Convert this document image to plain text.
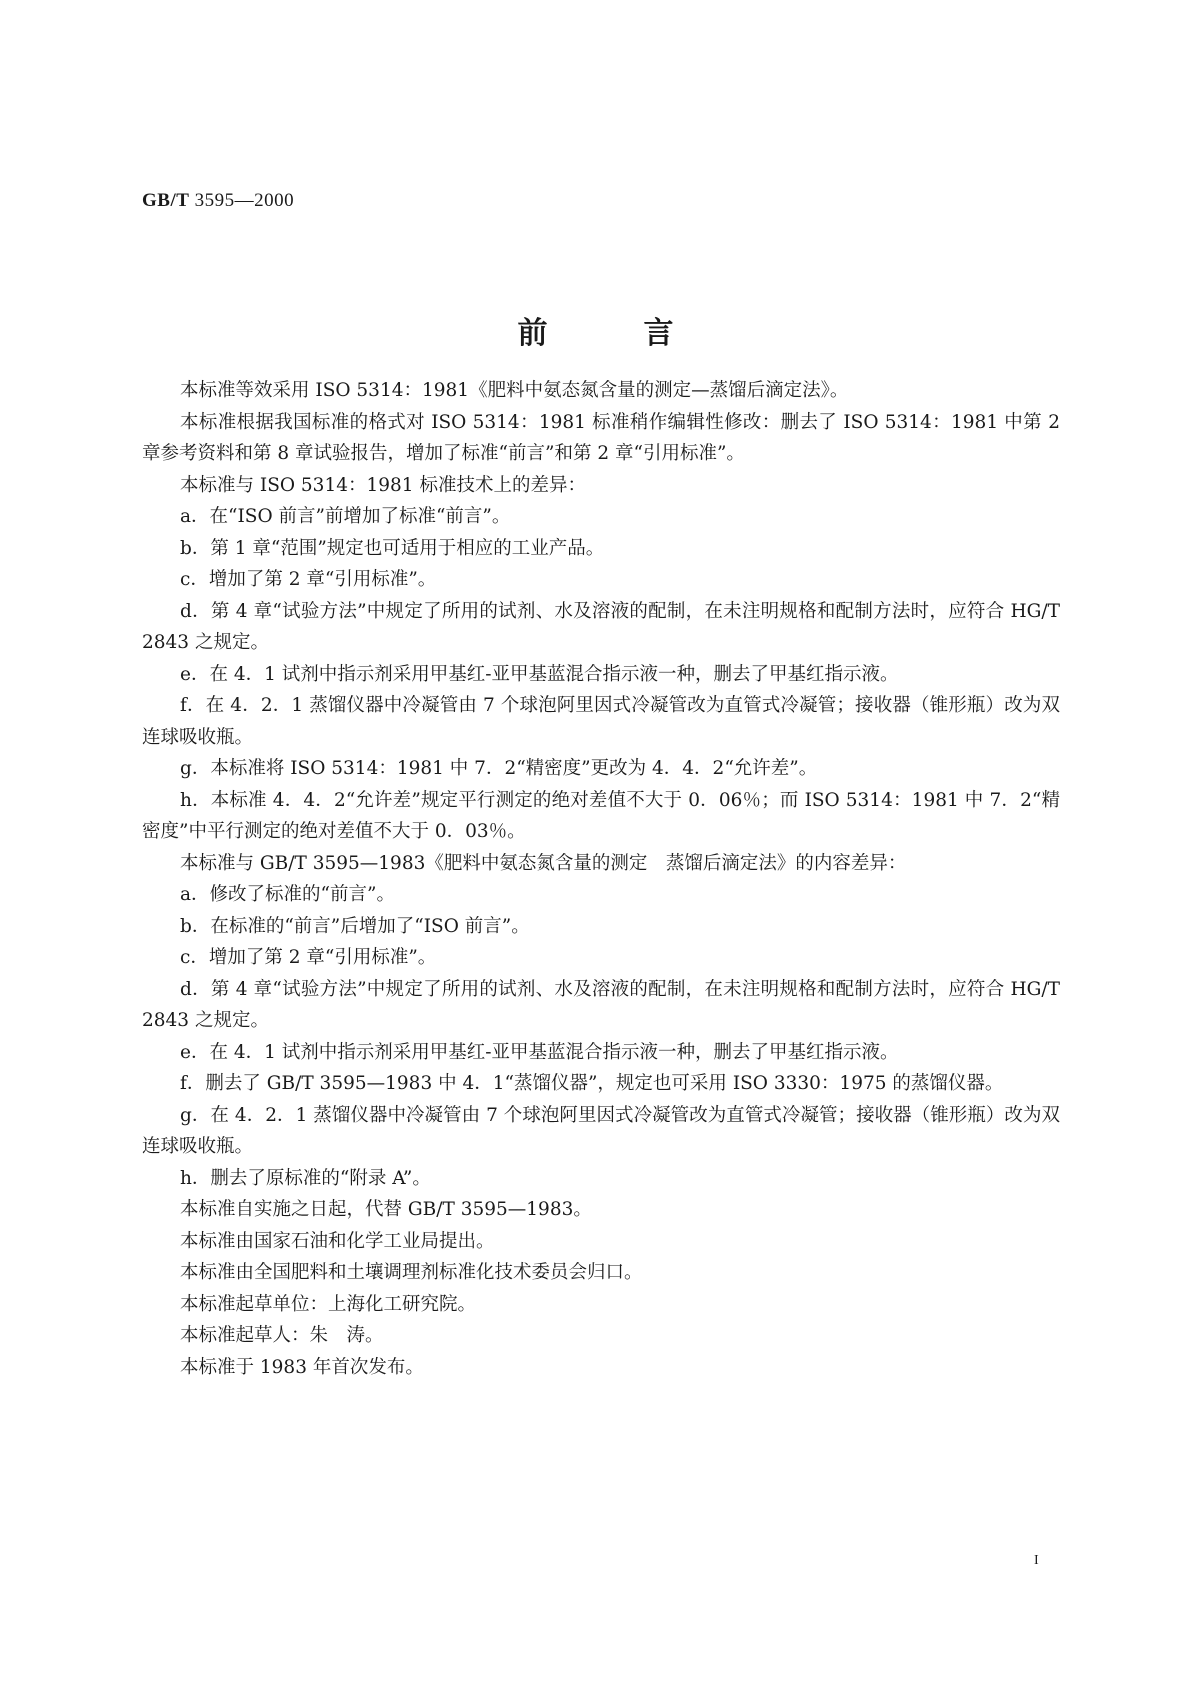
GB/T 3595—2000
前言

本标准等效采用 ISO 5314：1981《肥料中氨态氮含量的测定—蒸馏后滴定法》。

本标准根据我国标准的格式对 ISO 5314：1981 标准稍作编辑性修改：删去了 ISO 5314：1981 中第 2 章参考资料和第 8 章试验报告，增加了标准“前言”和第 2 章“引用标准”。

本标准与 ISO 5314：1981 标准技术上的差异：

a．在“ISO 前言”前增加了标准“前言”。

b．第 1 章“范围”规定也可适用于相应的工业产品。

c．增加了第 2 章“引用标准”。

d．第 4 章“试验方法”中规定了所用的试剂、水及溶液的配制，在未注明规格和配制方法时，应符合 HG/T 2843 之规定。

e．在 4．1 试剂中指示剂采用甲基红-亚甲基蓝混合指示液一种，删去了甲基红指示液。

f．在 4．2．1 蒸馏仪器中冷凝管由 7 个球泡阿里因式冷凝管改为直管式冷凝管；接收器（锥形瓶）改为双连球吸收瓶。

g．本标准将 ISO 5314：1981 中 7．2“精密度”更改为 4．4．2“允许差”。

h．本标准 4．4．2“允许差”规定平行测定的绝对差值不大于 0．06％；而 ISO 5314：1981 中 7．2“精密度”中平行测定的绝对差值不大于 0．03％。

本标准与 GB/T 3595—1983《肥料中氨态氮含量的测定　蒸馏后滴定法》的内容差异：

a．修改了标准的“前言”。

b．在标准的“前言”后增加了“ISO 前言”。

c．增加了第 2 章“引用标准”。

d．第 4 章“试验方法”中规定了所用的试剂、水及溶液的配制，在未注明规格和配制方法时，应符合 HG/T 2843 之规定。

e．在 4．1 试剂中指示剂采用甲基红-亚甲基蓝混合指示液一种，删去了甲基红指示液。

f．删去了 GB/T 3595—1983 中 4．1“蒸馏仪器”，规定也可采用 ISO 3330：1975 的蒸馏仪器。

g．在 4．2．1 蒸馏仪器中冷凝管由 7 个球泡阿里因式冷凝管改为直管式冷凝管；接收器（锥形瓶）改为双连球吸收瓶。

h．删去了原标准的“附录 A”。

本标准自实施之日起，代替 GB/T 3595—1983。

本标准由国家石油和化学工业局提出。

本标准由全国肥料和土壤调理剂标准化技术委员会归口。

本标准起草单位：上海化工研究院。

本标准起草人：朱　涛。

本标准于 1983 年首次发布。

I
